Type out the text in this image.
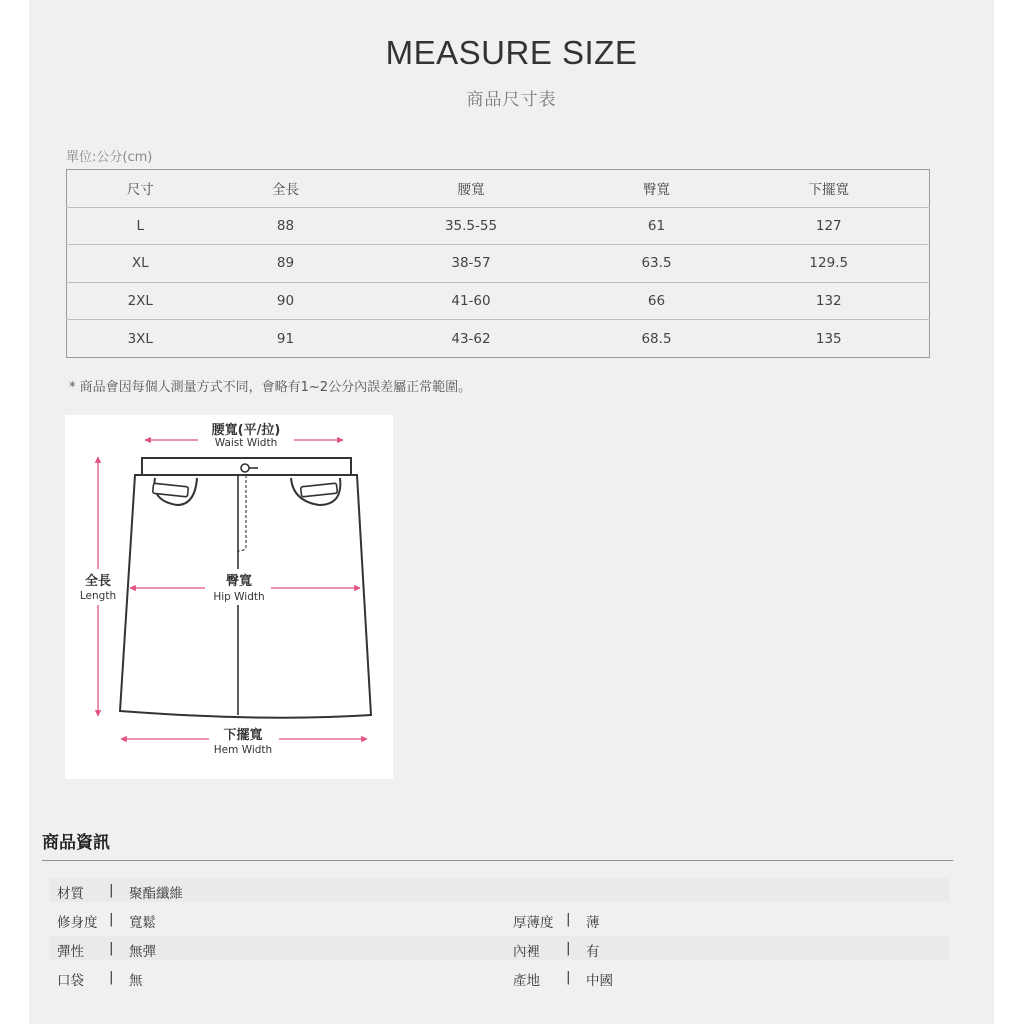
MEASURE SIZE
商品尺寸表
單位:公分(cm)
尺寸	全長	腰寬	臀寬	下擺寬
L	88	35.5-55	61	127
XL	89	38-57	63.5	129.5
2XL	90	41-60	66	132
3XL	91	43-62	68.5	135
* 商品會因每個人測量方式不同，會略有1~2公分內誤差屬正常範圍。
腰寬(平/拉)
Waist Width
全長
Length
臀寬
Hip Width
下擺寬
Hem Width
商品資訊
材質 | 聚酯纖維
修身度 | 寬鬆	厚薄度 | 薄
彈性 | 無彈	內裡 | 有
口袋 | 無	產地 | 中國
